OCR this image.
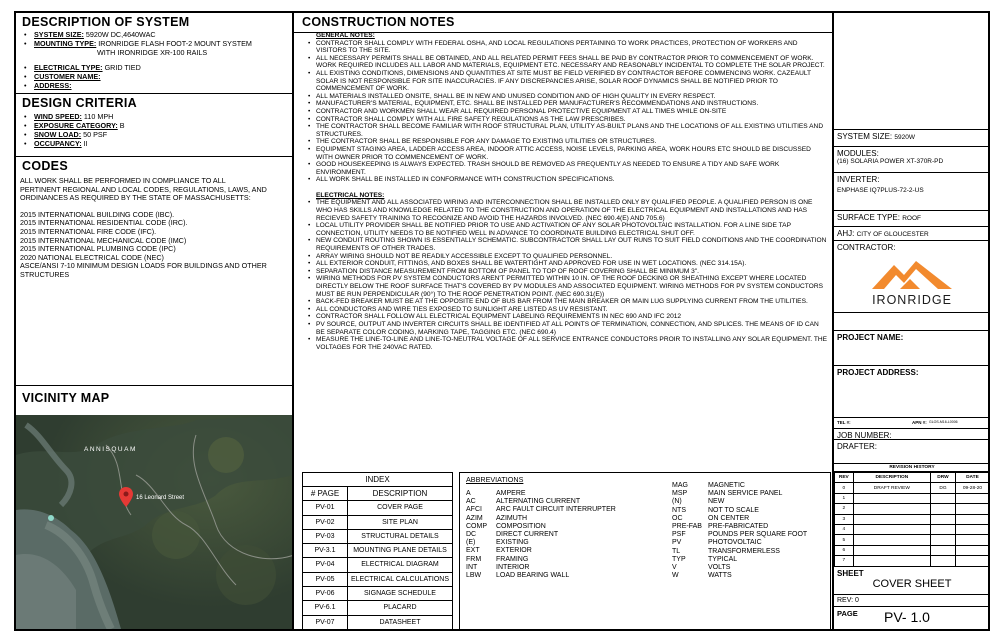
DESCRIPTION OF SYSTEM
• SYSTEM SIZE: 5920W DC,4640WAC
• MOUNTING TYPE: IRONRIDGE FLASH FOOT-2 MOUNT SYSTEM
WITH IRONRIDGE XR-100 RAILS
• ELECTRICAL TYPE: GRID TIED
• CUSTOMER NAME:
• ADDRESS:
DESIGN CRITERIA
• WIND SPEED: 110 MPH
• EXPOSURE CATEGORY: B
• SNOW LOAD: 50 PSF
• OCCUPANCY: II
CODES
ALL WORK SHALL BE PERFORMED IN COMPLIANCE TO ALL
PERTINENT REGIONAL AND LOCAL CODES, REGULATIONS, LAWS, AND
ORDINANCES AS REQUIRED BY THE STATE OF MASSACHUSETTS:
2015 INTERNATIONAL BUILDING CODE (IBC).
2015 INTERNATIONAL RESIDENTIAL CODE (IRC).
2015 INTERNATIONAL FIRE CODE (IFC).
2015 INTERNATIONAL MECHANICAL CODE (IMC)
2015 INTERNATIONAL PLUMBING CODE (IPC)
2020 NATIONAL ELECTRICAL CODE (NEC)
ASCE/ANSI 7-10 MINIMUM DESIGN LOADS FOR BUILDINGS AND OTHER
STRUCTURES
VICINITY MAP
ANNISQUAM
16 Leonard Street
CONSTRUCTION NOTES
GENERAL NOTES:
• CONTRACTOR SHALL COMPLY WITH FEDERAL OSHA, AND LOCAL REGULATIONS PERTAINING TO WORK PRACTICES, PROTECTION OF WORKERS AND VISITORS TO THE SITE.
• ALL NECESSARY PERMITS SHALL BE OBTAINED, AND ALL RELATED PERMIT FEES SHALL BE PAID BY CONTRACTOR PRIOR TO COMMENCEMENT OF WORK. WORK REQUIRED INCLUDES ALL LABOR AND MATERIALS, EQUIPMENT ETC. NECESSARY AND REASONABLY INCIDENTAL TO COMPLETE THE SOLAR PROJECT.
• ALL EXISTING CONDITIONS, DIMENSIONS AND QUANTITIES AT SITE MUST BE FIELD VERIFIED BY CONTRACTOR BEFORE COMMENCING WORK. CAZEAULT SOLAR IS NOT RESPONSIBLE FOR SITE INACCURACIES. IF ANY DISCREPANCIES ARISE, SOLAR ROOF DYNAMICS SHALL BE NOTIFIED PRIOR TO COMMENCEMENT OF WORK.
• ALL MATERIALS INSTALLED ONSITE, SHALL BE IN NEW AND UNUSED CONDITION AND OF HIGH QUALITY IN EVERY RESPECT.
• MANUFACTURER'S MATERIAL, EQUIPMENT, ETC. SHALL BE INSTALLED PER MANUFACTURER'S RECOMMENDATIONS AND INSTRUCTIONS.
• CONTRACTOR AND WORKMEN SHALL WEAR ALL REQUIRED PERSONAL PROTECTIVE EQUIPMENT AT ALL TIMES WHILE ON-SITE
• CONTRACTOR SHALL COMPLY WITH ALL FIRE SAFETY REGULATIONS AS THE LAW PRESCRIBES.
• THE CONTRACTOR SHALL BECOME FAMILIAR WITH ROOF STRUCTURAL PLAN, UTILITY AS-BUILT PLANS AND THE LOCATIONS OF ALL EXISTING UTILITIES AND STRUCTURES.
• THE CONTRACTOR SHALL BE RESPONSIBLE FOR ANY DAMAGE TO EXISTING UTILITIES OR STRUCTURES.
• EQUIPMENT STAGING AREA, LADDER ACCESS AREA, INDOOR ATTIC ACCESS, NOISE LEVELS, PARKING AREA, WORK HOURS ETC SHOULD BE DISCUSSED WITH OWNER PRIOR TO COMMENCEMENT OF WORK.
• GOOD HOUSEKEEPING IS ALWAYS EXPECTED. TRASH SHOULD BE REMOVED AS FREQUENTLY AS NEEDED TO ENSURE A TIDY AND SAFE WORK ENVIRONMENT.
• ALL WORK SHALL BE INSTALLED IN CONFORMANCE WITH CONSTRUCTION SPECIFICATIONS.
ELECTRICAL NOTES:
• THE EQUIPMENT AND ALL ASSOCIATED WIRING AND INTERCONNECTION SHALL BE INSTALLED ONLY BY QUALIFIED PEOPLE. A QUALIFIED PERSON IS ONE WHO HAS SKILLS AND KNOWLEDGE RELATED TO THE CONSTRUCTION AND OPERATION OF THE ELECTRICAL EQUIPMENT AND INSTALLATIONS AND HAS RECIEVED SAFETY TRAINING TO RECOGNIZE AND AVOID THE HAZARDS INVOLVED. (NEC 690.4(E) AND 705.6)
• LOCAL UTILITY PROVIDER SHALL BE NOTIFIED PRIOR TO USE AND ACTIVATION OF ANY SOLAR PHOTOVOLTAIC INSTALLATION. FOR A LINE SIDE TAP CONNECTION, UTILITY NEEDS TO BE NOTIFIED WELL IN ADVANCE TO COORDINATE BUILDING ELECTRICAL SHUT OFF.
• NEW CONDUIT ROUTING SHOWN IS ESSENTIALLY SCHEMATIC. SUBCONTRACTOR SHALL LAY OUT RUNS TO SUIT FIELD CONDITIONS AND THE COORDINATION REQUIREMENTS OF OTHER TRADES.
• ARRAY WIRING SHOULD NOT BE READILY ACCESSIBLE EXCEPT TO QUALIFIED PERSONNEL.
• ALL EXTERIOR CONDUIT, FITTINGS, AND BOXES SHALL BE WATERTIGHT AND APPROVED FOR USE IN WET LOCATIONS. (NEC 314.15A).
• SEPARATION DISTANCE MEASUREMENT FROM BOTTOM OF PANEL TO TOP OF ROOF COVERING SHALL BE MINIMUM 3".
• WIRING METHODS FOR PV SYSTEM CONDUCTORS AREN'T PERMITTED WITHIN 10 IN. OF THE ROOF DECKING OR SHEATHING EXCEPT WHERE LOCATED DIRECTLY BELOW THE ROOF SURFACE THAT'S COVERED BY PV MODULES AND ASSOCIATED EQUIPMENT. WIRING METHODS FOR PV SYSTEM CONDUCTORS MUST BE RUN PERPENDICULAR (90°) TO THE ROOF PENETRATION POINT. (NEC 690.31(E))
• BACK-FED BREAKER MUST BE AT THE OPPOSITE END OF BUS BAR FROM THE MAIN BREAKER OR MAIN LUG SUPPLYING CURRENT FROM THE UTILITIES.
• ALL CONDUCTORS AND WIRE TIES EXPOSED TO SUNLIGHT ARE LISTED AS UV RESISTANT.
• CONTRACTOR SHALL FOLLOW ALL ELECTRICAL EQUIPMENT LABELING REQUIREMENTS IN NEC 690 AND IFC 2012
• PV SOURCE, OUTPUT AND INVERTER CIRCUITS SHALL BE IDENTIFIED AT ALL POINTS OF TERMINATION, CONNECTION, AND SPLICES. THE MEANS OF ID CAN BE SEPARATE COLOR CODING, MARKING TAPE, TAGGING ETC. (NEC 690.4)
• MEASURE THE LINE-TO-LINE AND LINE-TO-NEUTRAL VOLTAGE OF ALL SERVICE ENTRANCE CONDUCTORS PROIR TO INSTALLING ANY SOLAR EQUIPMENT. THE VOLTAGES FOR THE 240VAC RATED.
INDEX
# PAGE	DESCRIPTION
PV-01	COVER PAGE
PV-02	SITE PLAN
PV-03	STRUCTURAL DETAILS
PV-3.1	MOUNTING PLANE DETAILS
PV-04	ELECTRICAL DIAGRAM
PV-05	ELECTRICAL CALCULATIONS
PV-06	SIGNAGE SCHEDULE
PV-6.1	PLACARD
PV-07	DATASHEET
ABBREVIATIONS
A	AMPERE
AC	ALTERNATING CURRENT
AFCI	ARC FAULT CIRCUIT INTERRUPTER
AZIM	AZIMUTH
COMP	COMPOSITION
DC	DIRECT CURRENT
(E)	EXISTING
EXT	EXTERIOR
FRM	FRAMING
INT	INTERIOR
LBW	LOAD BEARING WALL
MAG	MAGNETIC
MSP	MAIN SERVICE PANEL
(N)	NEW
NTS	NOT TO SCALE
OC	ON CENTER
PRE-FAB PRE-FABRICATED
PSF	POUNDS PER SQUARE FOOT
PV	PHOTOVOLTAIC
TL	TRANSFORMERLESS
TYP	TYPICAL
V	VOLTS
W	WATTS
SYSTEM SIZE: 5920W
MODULES:
(16) SOLARIA POWER XT-370R-PD
INVERTER:
ENPHASE IQ7PLUS-72-2-US
SURFACE TYPE: ROOF
AHJ: CITY OF GLOUCESTER
CONTRACTOR:
IRONRIDGE
PROJECT NAME:
PROJECT ADDRESS:
TEL #:	APN #: GLOS-M16-L0006
JOB NUMBER:
DRAFTER:
REVISION HISTORY
REV	DESCRIPTION	DRW	DATE
0	DRAFT REVIEW	DG	09-28-20
1			
2			
3			
4			
5			
6			
7			
SHEET
COVER SHEET
REV: 0
PAGE PV- 1.0
